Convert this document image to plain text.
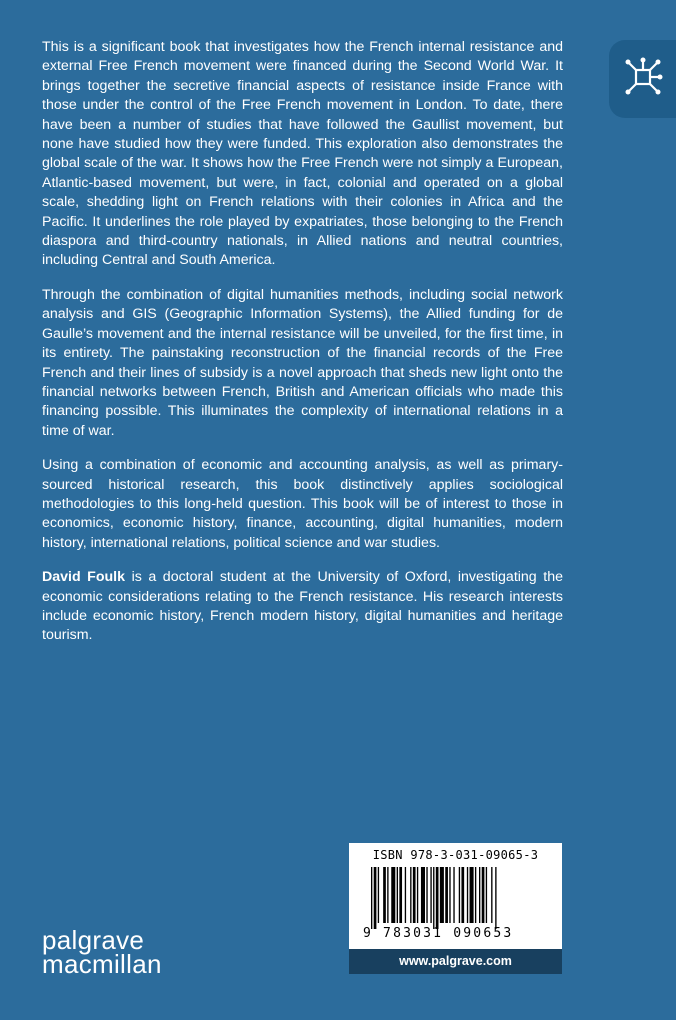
This is a significant book that investigates how the French internal resistance and external Free French movement were financed during the Second World War. It brings together the secretive financial aspects of resistance inside France with those under the control of the Free French movement in London. To date, there have been a number of studies that have followed the Gaullist movement, but none have studied how they were funded. This exploration also demonstrates the global scale of the war. It shows how the Free French were not simply a European, Atlantic-based movement, but were, in fact, colonial and operated on a global scale, shedding light on French relations with their colonies in Africa and the Pacific. It underlines the role played by expatriates, those belonging to the French diaspora and third-country nationals, in Allied nations and neutral countries, including Central and South America.

Through the combination of digital humanities methods, including social network analysis and GIS (Geographic Information Systems), the Allied funding for de Gaulle’s movement and the internal resistance will be unveiled, for the first time, in its entirety. The painstaking reconstruction of the financial records of the Free French and their lines of subsidy is a novel approach that sheds new light onto the financial networks between French, British and American officials who made this financing possible. This illuminates the complexity of international relations in a time of war.

Using a combination of economic and accounting analysis, as well as primary-sourced historical research, this book distinctively applies sociological methodologies to this long-held question. This book will be of interest to those in economics, economic history, finance, accounting, digital humanities, modern history, international relations, political science and war studies.

David Foulk is a doctoral student at the University of Oxford, investigating the economic considerations relating to the French resistance. His research interests include economic history, French modern history, digital humanities and heritage tourism.

ISBN 978-3-031-09065-3
9 783031 090653
www.palgrave.com
palgrave
macmillan
